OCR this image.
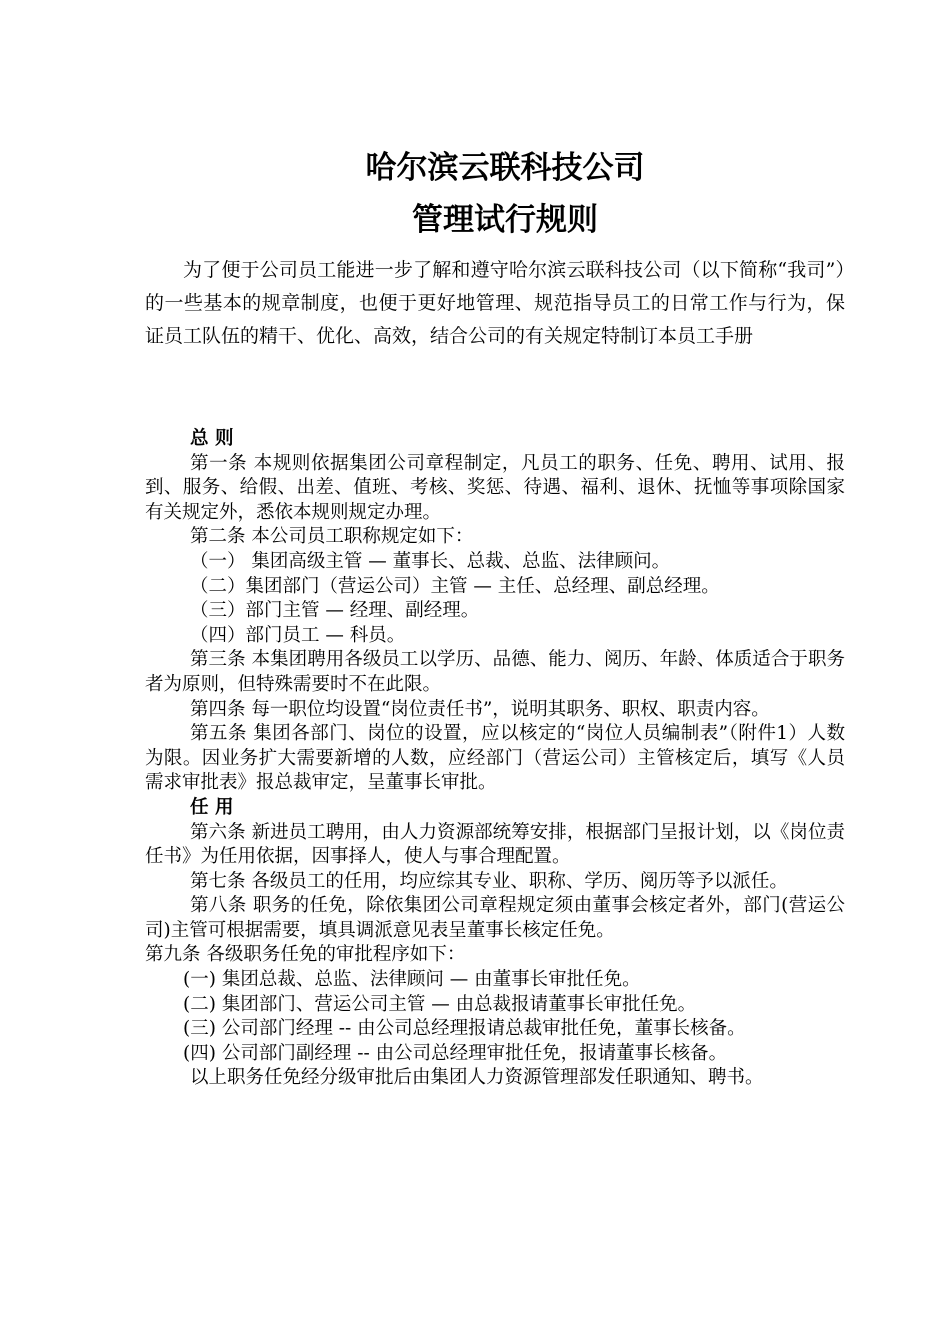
哈尔滨云联科技公司
管理试行规则

为了便于公司员工能进一步了解和遵守哈尔滨云联科技公司（以下简称“我司”）的一些基本的规章制度，也便于更好地管理、规范指导员工的日常工作与行为，保证员工队伍的精干、优化、高效，结合公司的有关规定特制订本员工手册

总 则

第一条 本规则依据集团公司章程制定，凡员工的职务、任免、聘用、试用、报到、服务、给假、出差、值班、考核、奖惩、待遇、福利、退休、抚恤等事项除国家有关规定外，悉依本规则规定办理。

第二条 本公司员工职称规定如下：

（一） 集团高级主管 — 董事长、总裁、总监、法律顾问。

（二）集团部门（营运公司）主管 — 主任、总经理、副总经理。

（三）部门主管 — 经理、副经理。

（四）部门员工 — 科员。

第三条 本集团聘用各级员工以学历、品德、能力、阅历、年龄、体质适合于职务者为原则，但特殊需要时不在此限。

第四条 每一职位均设置“岗位责任书”，说明其职务、职权、职责内容。

第五条 集团各部门、岗位的设置，应以核定的“岗位人员编制表”（附件1）人数为限。因业务扩大需要新增的人数，应经部门（营运公司）主管核定后，填写《人员需求审批表》报总裁审定，呈董事长审批。

任 用

第六条 新进员工聘用，由人力资源部统筹安排，根据部门呈报计划，以《岗位责任书》为任用依据，因事择人，使人与事合理配置。

第七条 各级员工的任用，均应综其专业、职称、学历、阅历等予以派任。

第八条 职务的任免，除依集团公司章程规定须由董事会核定者外，部门(营运公司)主管可根据需要，填具调派意见表呈董事长核定任免。

第九条 各级职务任免的审批程序如下：

(一) 集团总裁、总监、法律顾问 — 由董事长审批任免。

(二) 集团部门、营运公司主管 — 由总裁报请董事长审批任免。

(三) 公司部门经理 -- 由公司总经理报请总裁审批任免，董事长核备。

(四) 公司部门副经理 -- 由公司总经理审批任免，报请董事长核备。

以上职务任免经分级审批后由集团人力资源管理部发任职通知、聘书。
